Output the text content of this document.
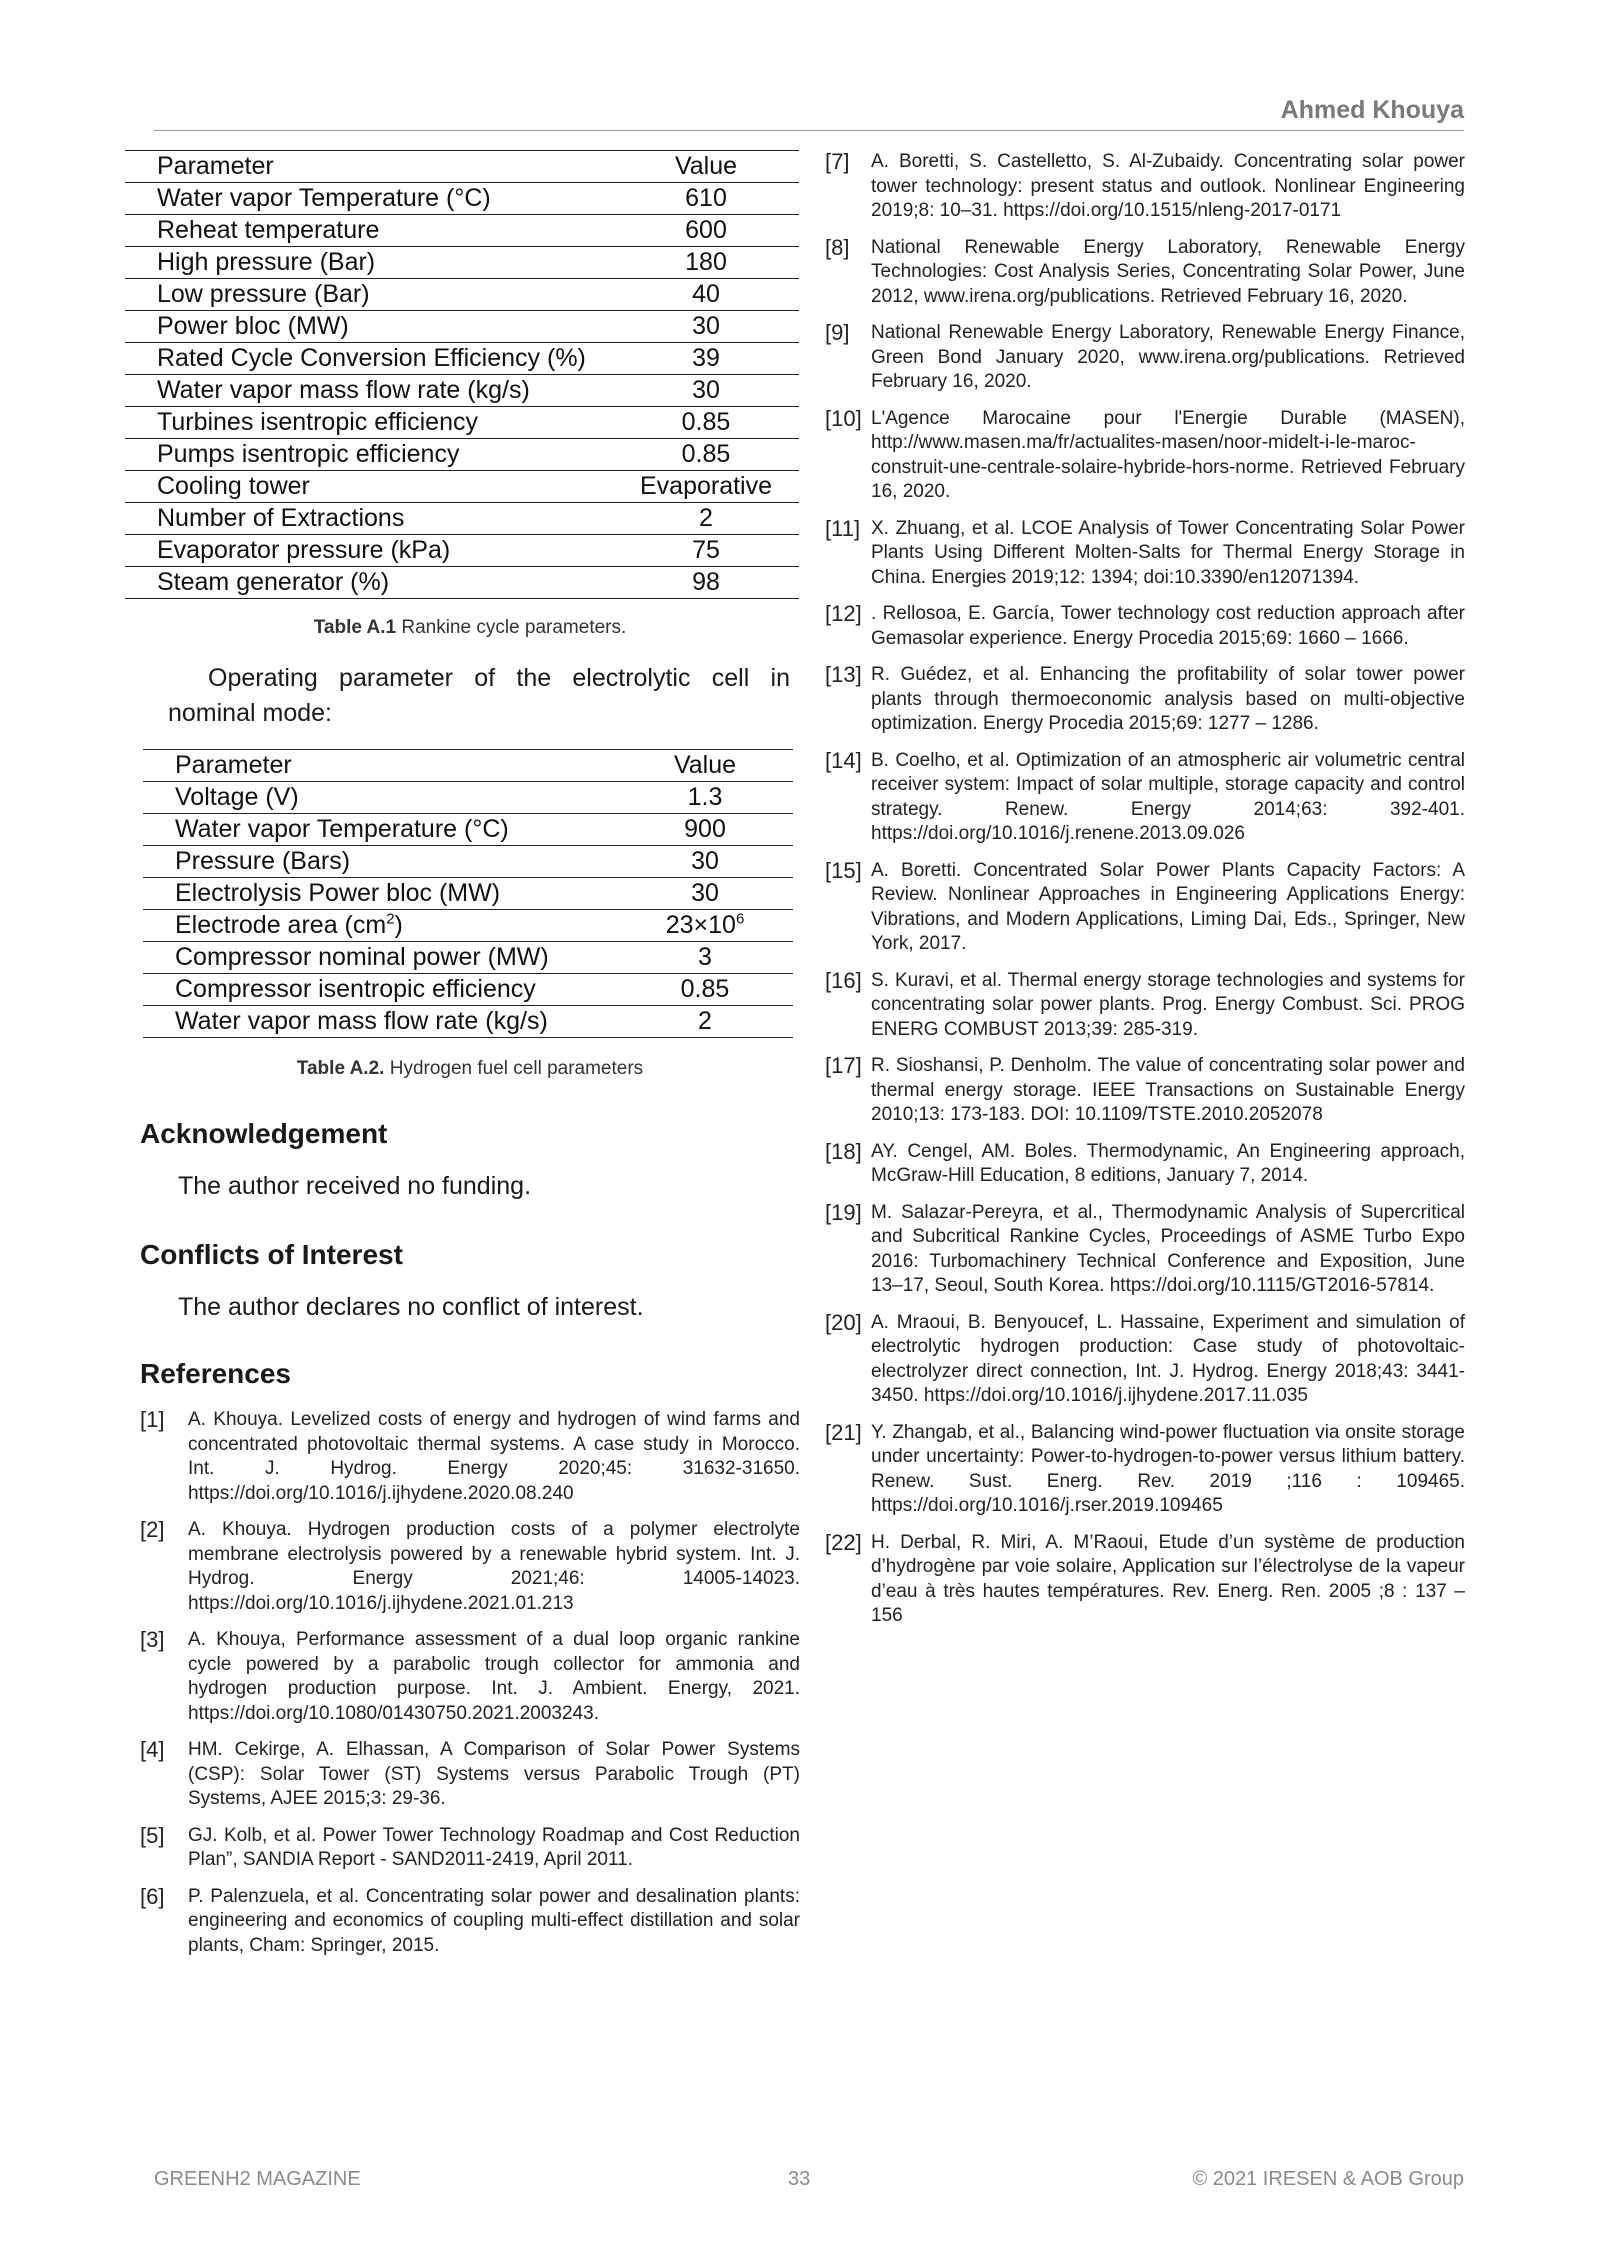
Ahmed Khouya
Parameter	Value
Water vapor Temperature (°C)	610
Reheat temperature	600
High pressure (Bar)	180
Low pressure (Bar)	40
Power bloc (MW)	30
Rated Cycle Conversion Efficiency (%)	39
Water vapor mass flow rate (kg/s)	30
Turbines isentropic efficiency	0.85
Pumps isentropic efficiency	0.85
Cooling tower	Evaporative
Number of Extractions	2
Evaporator pressure (kPa)	75
Steam generator (%)	98

Table A.1 Rankine cycle parameters.

Operating parameter of the electrolytic cell in nominal mode:

Parameter	Value
Voltage (V)	1.3
Water vapor Temperature (°C)	900
Pressure (Bars)	30
Electrolysis Power bloc (MW)	30
Electrode area $(cm^2)$	$23\times 10^6$
Compressor nominal power (MW)	3
Compressor isentropic efficiency	0.85
Water vapor mass flow rate (kg/s)	2

Table A.2. Hydrogen fuel cell parameters

Acknowledgement

The author received no funding.

Conflicts of Interest

The author declares no conflict of interest.

References
[1]	A. Khouya. Levelized costs of energy and hydrogen of wind farms and concentrated photovoltaic thermal systems. A case study in Morocco. Int. J. Hydrog. Energy 2020;45: 31632-31650. https://doi.org/10.1016/j.ijhydene.2020.08.240
[2]	A. Khouya. Hydrogen production costs of a polymer electrolyte membrane electrolysis powered by a renewable hybrid system. Int. J. Hydrog. Energy 2021;46: 14005-14023. https://doi.org/10.1016/j.ijhydene.2021.01.213
[3]	A. Khouya, Performance assessment of a dual loop organic rankine cycle powered by a parabolic trough collector for ammonia and hydrogen production purpose. Int. J. Ambient. Energy, 2021. https://doi.org/10.1080/01430750.2021.2003243.
[4]	HM. Cekirge, A. Elhassan, A Comparison of Solar Power Systems (CSP): Solar Tower (ST) Systems versus Parabolic Trough (PT) Systems, AJEE 2015;3: 29-36.
[5]	GJ. Kolb, et al. Power Tower Technology Roadmap and Cost Reduction Plan”, SANDIA Report - SAND2011-2419, April 2011.
[6]	P. Palenzuela, et al. Concentrating solar power and desalination plants: engineering and economics of coupling multi-effect distillation and solar plants, Cham: Springer, 2015.
[7]	A. Boretti, S. Castelletto, S. Al-Zubaidy. Concentrating solar power tower technology: present status and outlook. Nonlinear Engineering 2019;8: 10–31. https://doi.org/10.1515/nleng-2017-0171
[8]	National Renewable Energy Laboratory, Renewable Energy Technologies: Cost Analysis Series, Concentrating Solar Power, June 2012, www.irena.org/publications. Retrieved February 16, 2020.
[9]	National Renewable Energy Laboratory, Renewable Energy Finance, Green Bond January 2020, www.irena.org/publications. Retrieved February 16, 2020.
[10] L'Agence Marocaine pour l'Energie Durable (MASEN), http://www.masen.ma/fr/actualites-masen/noor-midelt-i-le-maroc-construit-une-centrale-solaire-hybride-hors-norme. Retrieved February 16, 2020.
[11] X. Zhuang, et al. LCOE Analysis of Tower Concentrating Solar Power Plants Using Different Molten-Salts for Thermal Energy Storage in China. Energies 2019;12: 1394; doi:10.3390/en12071394.
[12] . Rellosoa, E. García, Tower technology cost reduction approach after Gemasolar experience. Energy Procedia 2015;69: 1660 – 1666.
[13] R. Guédez, et al. Enhancing the profitability of solar tower power plants through thermoeconomic analysis based on multi-objective optimization. Energy Procedia 2015;69: 1277 – 1286.
[14] B. Coelho, et al. Optimization of an atmospheric air volumetric central receiver system: Impact of solar multiple, storage capacity and control strategy. Renew. Energy 2014;63: 392-401. https://doi.org/10.1016/j.renene.2013.09.026
[15] A. Boretti. Concentrated Solar Power Plants Capacity Factors: A Review. Nonlinear Approaches in Engineering Applications Energy: Vibrations, and Modern Applications, Liming Dai, Eds., Springer, New York, 2017.
[16] S. Kuravi, et al. Thermal energy storage technologies and systems for concentrating solar power plants. Prog. Energy Combust. Sci. PROG ENERG COMBUST 2013;39: 285-319.
[17] R. Sioshansi, P. Denholm. The value of concentrating solar power and thermal energy storage. IEEE Transactions on Sustainable Energy 2010;13: 173-183. DOI: 10.1109/TSTE.2010.2052078
[18] AY. Cengel, AM. Boles. Thermodynamic, An Engineering approach, McGraw-Hill Education, 8 editions, January 7, 2014.
[19] M. Salazar-Pereyra, et al., Thermodynamic Analysis of Supercritical and Subcritical Rankine Cycles, Proceedings of ASME Turbo Expo 2016: Turbomachinery Technical Conference and Exposition, June 13–17, Seoul, South Korea. https://doi.org/10.1115/GT2016-57814.
[20] A. Mraoui, B. Benyoucef, L. Hassaine, Experiment and simulation of electrolytic hydrogen production: Case study of photovoltaic-electrolyzer direct connection, Int. J. Hydrog. Energy 2018;43: 3441-3450. https://doi.org/10.1016/j.ijhydene.2017.11.035
[21] Y. Zhangab, et al., Balancing wind-power fluctuation via onsite storage under uncertainty: Power-to-hydrogen-to-power versus lithium battery. Renew. Sust. Energ. Rev. 2019 ;116 : 109465. https://doi.org/10.1016/j.rser.2019.109465
[22] H. Derbal, R. Miri, A. M’Raoui, Etude d’un système de production d’hydrogène par voie solaire, Application sur l’électrolyse de la vapeur d’eau à très hautes températures. Rev. Energ. Ren. 2005 ;8 : 137 – 156
GREENH2 MAGAZINE	33	© 2021 IRESEN & AOB Group
